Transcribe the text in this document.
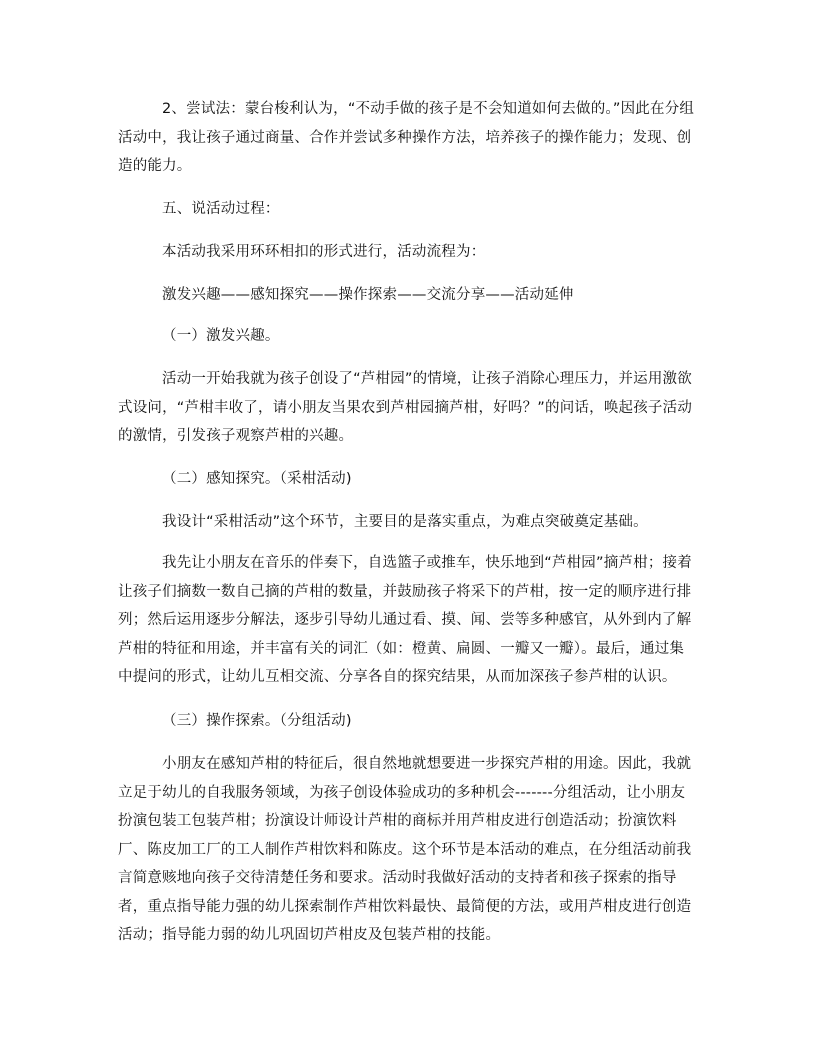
2、尝试法：蒙台梭利认为，“不动手做的孩子是不会知道如何去做的。”因此在分组活动中，我让孩子通过商量、合作并尝试多种操作方法，培养孩子的操作能力；发现、创造的能力。

五、说活动过程：

本活动我采用环环相扣的形式进行，活动流程为：

激发兴趣——感知探究——操作探索——交流分享——活动延伸

（一）激发兴趣。

活动一开始我就为孩子创设了“芦柑园”的情境，让孩子消除心理压力，并运用激欲式设问，“芦柑丰收了，请小朋友当果农到芦柑园摘芦柑，好吗？”的问话，唤起孩子活动的激情，引发孩子观察芦柑的兴趣。

（二）感知探究。（采柑活动)

我设计“采柑活动”这个环节，主要目的是落实重点，为难点突破奠定基础。

我先让小朋友在音乐的伴奏下，自选篮子或推车，快乐地到“芦柑园”摘芦柑；接着让孩子们摘数一数自己摘的芦柑的数量，并鼓励孩子将采下的芦柑，按一定的顺序进行排列；然后运用逐步分解法，逐步引导幼儿通过看、摸、闻、尝等多种感官，从外到内了解芦柑的特征和用途，并丰富有关的词汇（如：橙黄、扁圆、一瓣又一瓣）。最后，通过集中提问的形式，让幼儿互相交流、分享各自的探究结果，从而加深孩子参芦柑的认识。

（三）操作探索。（分组活动)

小朋友在感知芦柑的特征后，很自然地就想要进一步探究芦柑的用途。因此，我就立足于幼儿的自我服务领域，为孩子创设体验成功的多种机会-------分组活动，让小朋友扮演包装工包装芦柑；扮演设计师设计芦柑的商标并用芦柑皮进行创造活动；扮演饮料厂、陈皮加工厂的工人制作芦柑饮料和陈皮。这个环节是本活动的难点，在分组活动前我言简意赅地向孩子交待清楚任务和要求。活动时我做好活动的支持者和孩子探索的指导者，重点指导能力强的幼儿探索制作芦柑饮料最快、最简便的方法，或用芦柑皮进行创造活动；指导能力弱的幼儿巩固切芦柑皮及包装芦柑的技能。
